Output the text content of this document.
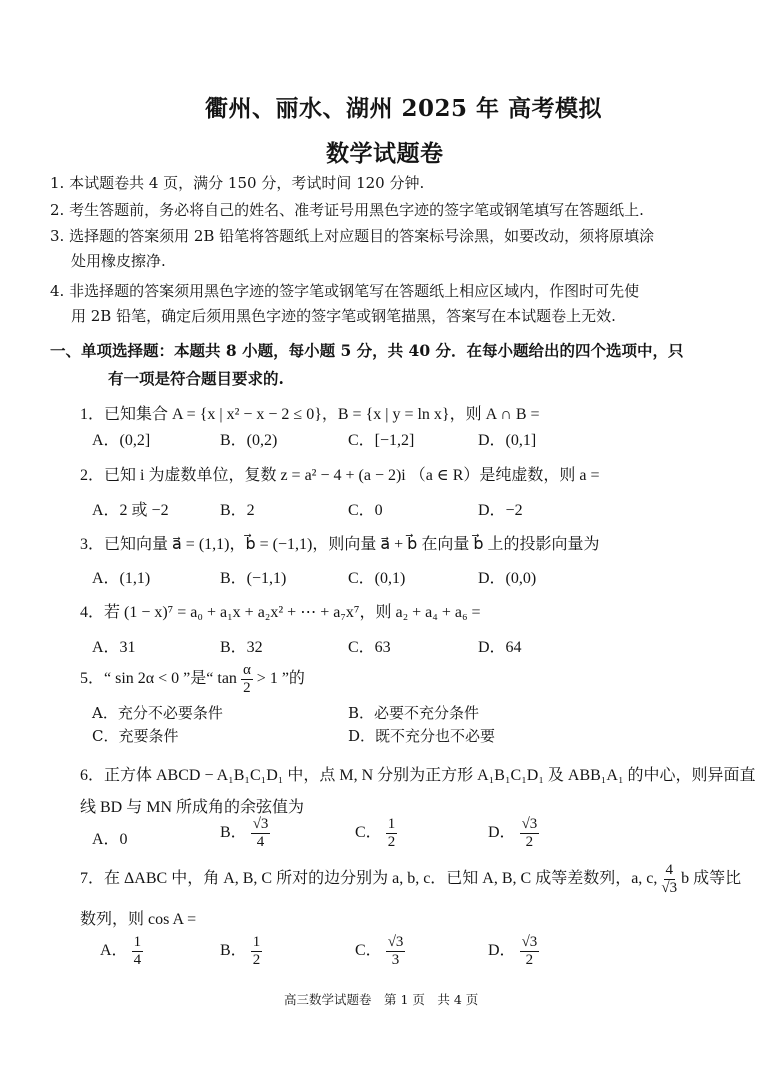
衢州、丽水、湖州 2025 年 高考模拟
数学试题卷
1. 本试题卷共 4 页，满分 150 分，考试时间 120 分钟.
2. 考生答题前，务必将自己的姓名、准考证号用黑色字迹的签字笔或钢笔填写在答题纸上.
3. 选择题的答案须用 2B 铅笔将答题纸上对应题目的答案标号涂黑，如要改动，须将原填涂
处用橡皮擦净.
4. 非选择题的答案须用黑色字迹的签字笔或钢笔写在答题纸上相应区域内，作图时可先使
用 2B 铅笔，确定后须用黑色字迹的签字笔或钢笔描黑，答案写在本试题卷上无效.
一、单项选择题：本题共 8 小题，每小题 5 分，共 40 分．在每小题给出的四个选项中，只
有一项是符合题目要求的.
1．已知集合 A = {x | x² − x − 2 ≤ 0}，B = {x | y = ln x}，则 A ∩ B =
A．(0,2]	B．(0,2)	C．[−1,2]	D．(0,1]
2．已知 i 为虚数单位，复数 z = a² − 4 + (a − 2)i （a ∈ R）是纯虚数，则 a =
A．2 或 −2	B．2	C．0	D．−2
3．已知向量 a⃗ = (1,1)，b⃗ = (−1,1)，则向量 a⃗ + b⃗ 在向量 b⃗ 上的投影向量为
A．(1,1)	B．(−1,1)	C．(0,1)	D．(0,0)
4．若 (1 − x)⁷ = a₀ + a₁x + a₂x² + ⋯ + a₇x⁷，则 a₂ + a₄ + a₆ =
A．31	B．32	C．63	D．64
5．“ sin 2α < 0 ”是“ $\tan \frac{\alpha}{2} > 1$ ”的
A．充分不必要条件	B．必要不充分条件
C．充要条件	D．既不充分也不必要
6．正方体 ABCD − A₁B₁C₁D₁ 中，点 M, N 分别为正方形 A₁B₁C₁D₁ 及 ABB₁A₁ 的中心，则异面直
线 BD 与 MN 所成角的余弦值为
A．0	B． $\frac{√3}{4}$	C． $\frac{1}{2}$	D． $\frac{√3}{2}$
7．在 ΔABC 中，角 A, B, C 所对的边分别为 a, b, c．已知 A, B, C 成等差数列，a, c, $\frac{4}{√3}$ b 成等比
数列，则 cos A =
A． $\frac{1}{4}$	B． $\frac{1}{2}$	C． $\frac{√3}{3}$	D． $\frac{√3}{2}$
高三数学试题卷　第 1 页　共 4 页
